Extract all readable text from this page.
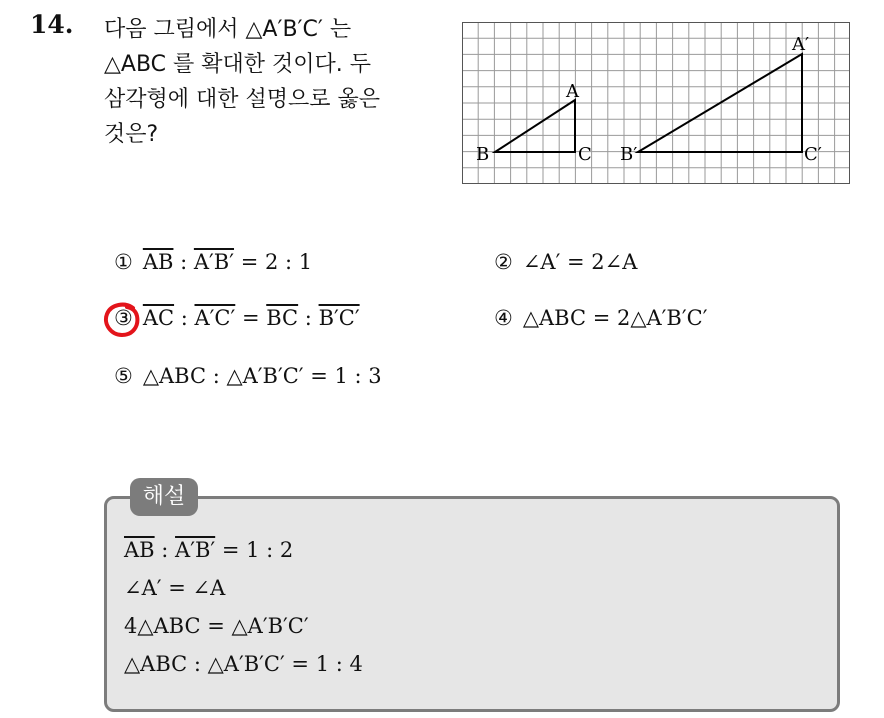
14. 다음 그림에서 △A′B′C′ 는
△ABC 를 확대한 것이다. 두
삼각형에 대한 설명으로 옳은
것은?
A
B	C
A′
B′	C′
① $\overline{AB}$ : A′B′ = 2 : 1	② ∠A′ = 2∠A
③ $\overline{AC}$ : $A'C' = \overline{BC}$ : B′C′	④ △ABC = 2△A′B′C′
⑤ △ABC : △A′B′C′ = 1 : 3
해설
$\overline{AB}$ : A′B′ = 1 : 2
∠A′ = ∠A
4△ABC = △A′B′C′
△ABC : △A′B′C′ = 1 : 4
